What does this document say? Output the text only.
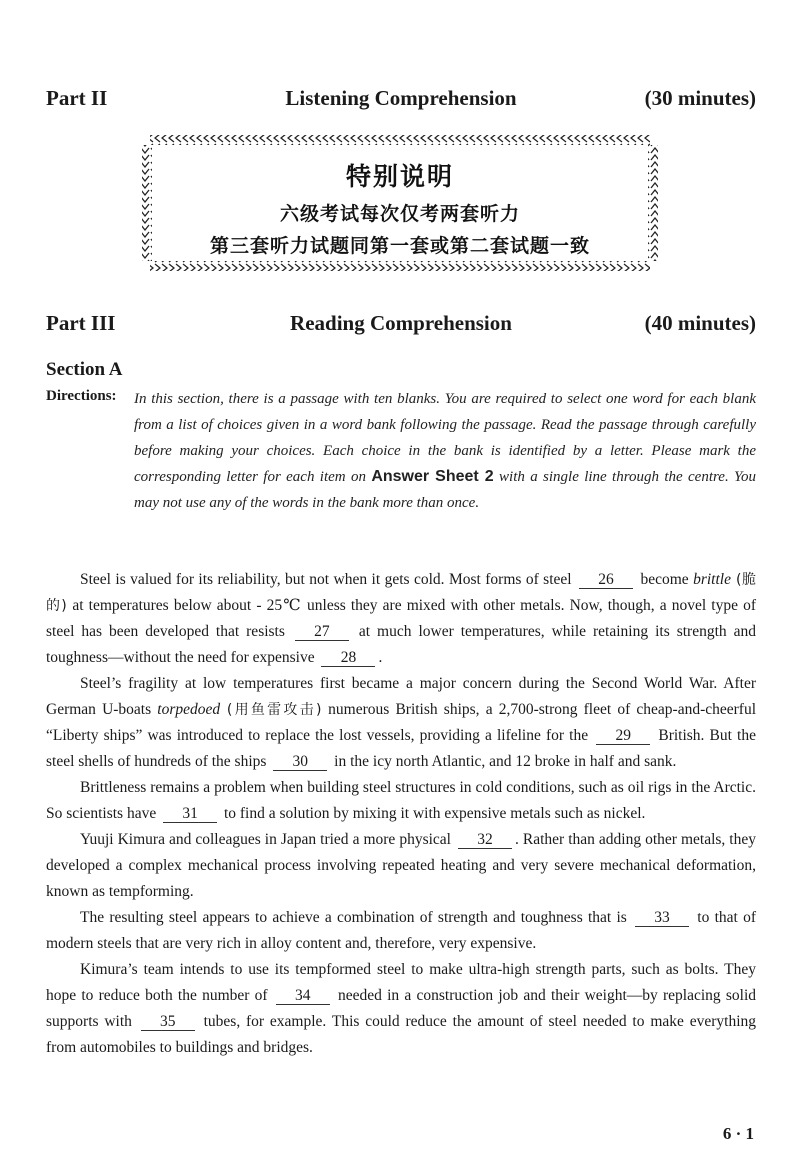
Part II	Listening Comprehension	(30 minutes)
特别说明
六级考试每次仅考两套听力
第三套听力试题同第一套或第二套试题一致
Part III	Reading Comprehension	(40 minutes)
Section A
Directions: In this section, there is a passage with ten blanks. You are required to select one word for each blank from a list of choices given in a word bank following the passage. Read the passage through carefully before making your choices. Each choice in the bank is identified by a letter. Please mark the corresponding letter for each item on Answer Sheet 2 with a single line through the centre. You may not use any of the words in the bank more than once.

Steel is valued for its reliability, but not when it gets cold. Most forms of steel 26 become brittle (脆的) at temperatures below about - 25℃ unless they are mixed with other metals. Now, though, a novel type of steel has been developed that resists 27 at much lower temperatures, while retaining its strength and toughness—without the need for expensive 28 .

Steel’s fragility at low temperatures first became a major concern during the Second World War. After German U-boats torpedoed (用鱼雷攻击) numerous British ships, a 2,700-strong fleet of cheap-and-cheerful “Liberty ships” was introduced to replace the lost vessels, providing a lifeline for the 29 British. But the steel shells of hundreds of the ships 30 in the icy north Atlantic, and 12 broke in half and sank.

Brittleness remains a problem when building steel structures in cold conditions, such as oil rigs in the Arctic. So scientists have 31 to find a solution by mixing it with expensive metals such as nickel.

Yuuji Kimura and colleagues in Japan tried a more physical 32 . Rather than adding other metals, they developed a complex mechanical process involving repeated heating and very severe mechanical deformation, known as tempforming.

The resulting steel appears to achieve a combination of strength and toughness that is 33 to that of modern steels that are very rich in alloy content and, therefore, very expensive.

Kimura’s team intends to use its tempformed steel to make ultra-high strength parts, such as bolts. They hope to reduce both the number of 34 needed in a construction job and their weight—by replacing solid supports with 35 tubes, for example. This could reduce the amount of steel needed to make everything from automobiles to buildings and bridges.

6 · 1
